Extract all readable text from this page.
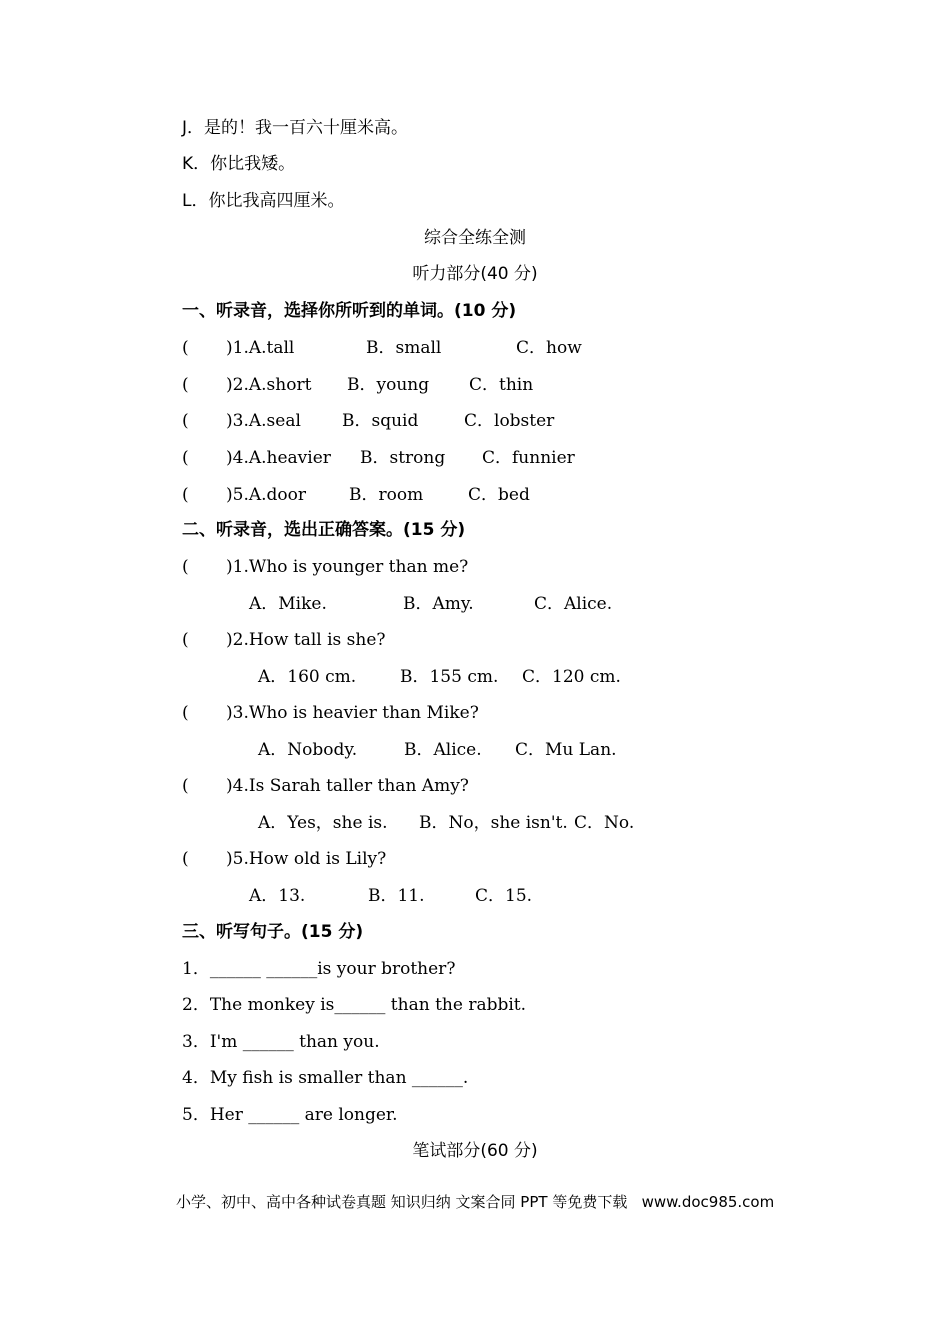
J．是的！我一百六十厘米高。
K．你比我矮。
L．你比我高四厘米。
综合全练全测
听力部分(40 分)
一、听录音，选择你所听到的单词。(10 分)
( )1.A.tall	B．small	C．how
( )2.A.short B．young C．thin
( )3.A.seal B．squid	C．lobster
( )4.A.heavier B．strong C．funnier
( )5.A.door	B．room	C．bed
二、听录音，选出正确答案。(15 分)
( )1.Who is younger than me?
A．Mike.	B．Amy.	C．Alice.
( )2.How tall is she?
A．160 cm.	B．155 cm. C．120 cm.
( )3.Who is heavier than Mike?
A．Nobody.	B．Alice. C．Mu Lan.
( )4.Is Sarah taller than Amy?
A．Yes，she is. B．No，she isn't. C．No.
( )5.How old is Lily?
A．13.	B．11.	C．15.
三、听写句子。(15 分)
1．______ ______is your brother?
2．The monkey is______ than the rabbit.
3．I'm ______ than you.
4．My fish is smaller than ______.
5．Her ______ are longer.
笔试部分(60 分)
小学、初中、高中各种试卷真题 知识归纳 文案合同 PPT 等免费下载   www.doc985.com
